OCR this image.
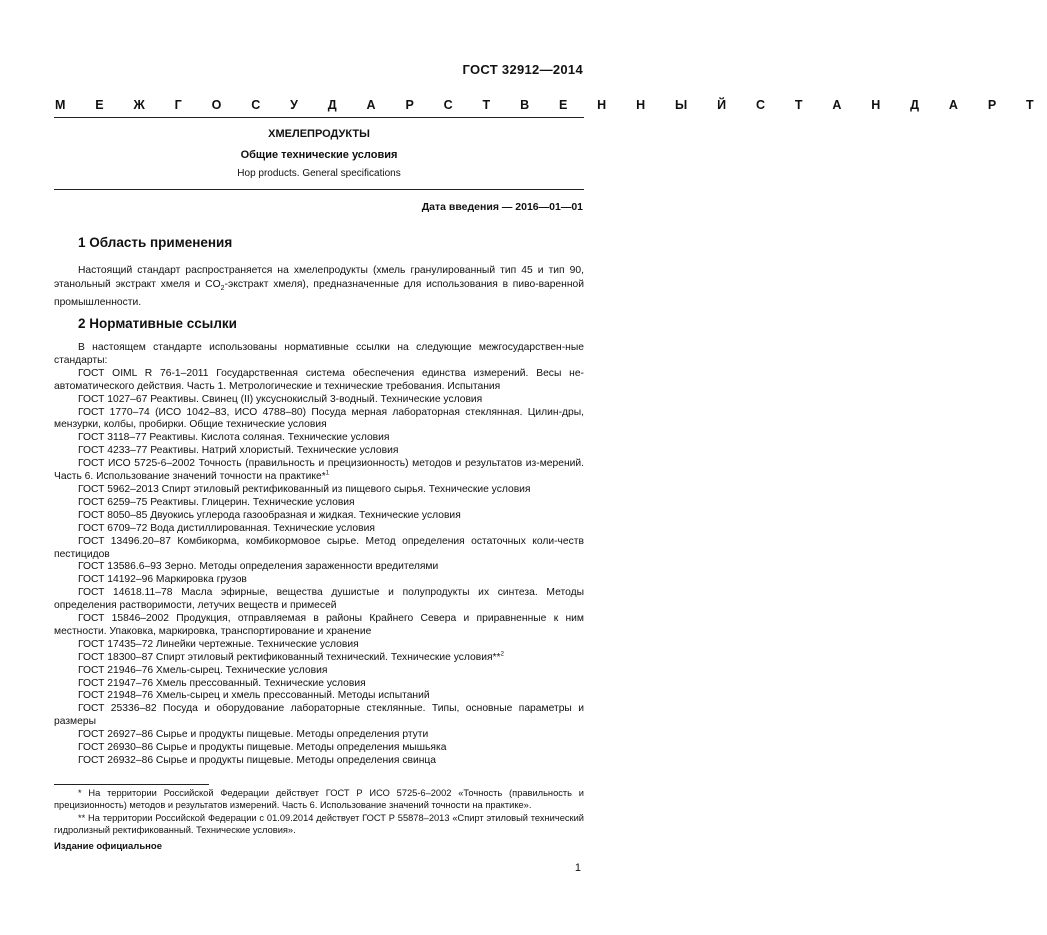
ГОСТ 32912—2014
М Е Ж Г О С У Д А Р С Т В Е Н Н Ы Й С Т А Н Д А Р Т
ХМЕЛЕПРОДУКТЫ
Общие технические условия
Hop products. General specifications
Дата введения — 2016—01—01
1 Область применения
Настоящий стандарт распространяется на хмелепродукты (хмель гранулированный тип 45 и тип 90, этанольный экстракт хмеля и $CO_2$-экстракт хмеля), предназначенные для использования в пиво-варенной промышленности.
2 Нормативные ссылки

В настоящем стандарте использованы нормативные ссылки на следующие межгосударствен-ные стандарты:

ГОСТ OIML R 76-1–2011 Государственная система обеспечения единства измерений. Весы не-автоматического действия. Часть 1. Метрологические и технические требования. Испытания

ГОСТ 1027–67 Реактивы. Свинец (II) уксуснокислый 3-водный. Технические условия

ГОСТ 1770–74 (ИСО 1042–83, ИСО 4788–80) Посуда мерная лабораторная стеклянная. Цилин-дры, мензурки, колбы, пробирки. Общие технические условия

ГОСТ 3118–77 Реактивы. Кислота соляная. Технические условия

ГОСТ 4233–77 Реактивы. Натрий хлористый. Технические условия

ГОСТ ИСО 5725-6–2002 Точность (правильность и прецизионность) методов и результатов из-мерений. Часть 6. Использование значений точности на практике*$^1$

ГОСТ 5962–2013 Спирт этиловый ректификованный из пищевого сырья. Технические условия

ГОСТ 6259–75 Реактивы. Глицерин. Технические условия

ГОСТ 8050–85 Двуокись углерода газообразная и жидкая. Технические условия

ГОСТ 6709–72 Вода дистиллированная. Технические условия

ГОСТ 13496.20–87 Комбикорма, комбикормовое сырье. Метод определения остаточных коли-честв пестицидов

ГОСТ 13586.6–93 Зерно. Методы определения зараженности вредителями

ГОСТ 14192–96 Маркировка грузов

ГОСТ 14618.11–78 Масла эфирные, вещества душистые и полупродукты их синтеза. Методы определения растворимости, летучих веществ и примесей

ГОСТ 15846–2002 Продукция, отправляемая в районы Крайнего Севера и приравненные к ним местности. Упаковка, маркировка, транспортирование и хранение

ГОСТ 17435–72 Линейки чертежные. Технические условия

ГОСТ 18300–87 Спирт этиловый ректификованный технический. Технические условия**$^2$

ГОСТ 21946–76 Хмель-сырец. Технические условия

ГОСТ 21947–76 Хмель прессованный. Технические условия

ГОСТ 21948–76 Хмель-сырец и хмель прессованный. Методы испытаний

ГОСТ 25336–82 Посуда и оборудование лабораторные стеклянные. Типы, основные параметры и размеры

ГОСТ 26927–86 Сырье и продукты пищевые. Методы определения ртути

ГОСТ 26930–86 Сырье и продукты пищевые. Методы определения мышьяка

ГОСТ 26932–86 Сырье и продукты пищевые. Методы определения свинца

* На территории Российской Федерации действует ГОСТ Р ИСО 5725-6–2002 «Точность (правильность и прецизионность) методов и результатов измерений. Часть 6. Использование значений точности на практике».

** На территории Российской Федерации с 01.09.2014 действует ГОСТ Р 55878–2013 «Спирт этиловый технический гидролизный ректификованный. Технические условия».

Издание официальное
1
